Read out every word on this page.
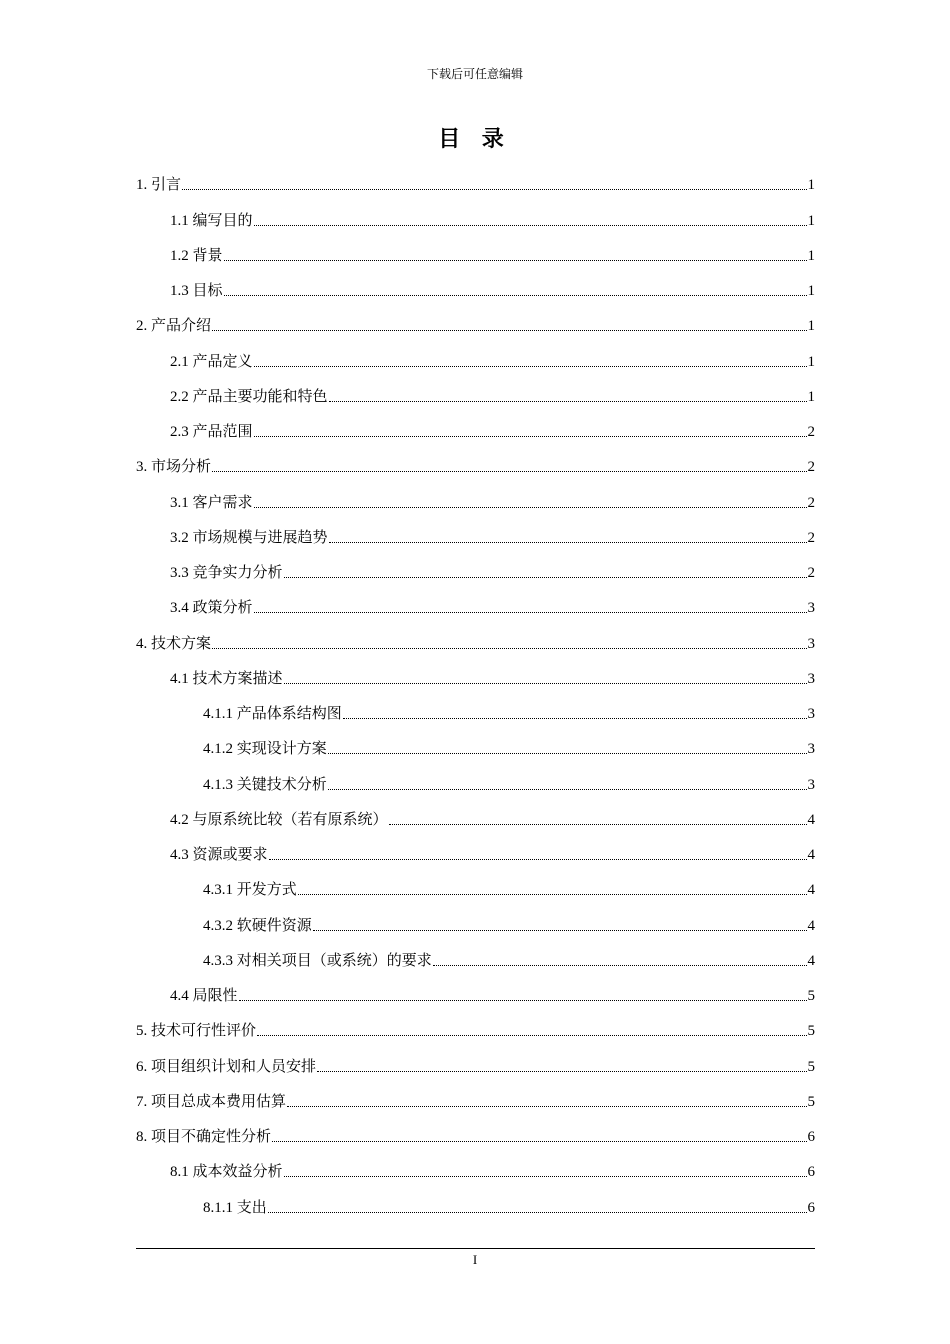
下载后可任意编辑
目 录
1. 引言	1
1.1 编写目的	1
1.2 背景	1
1.3 目标	1
2. 产品介绍	1
2.1 产品定义	1
2.2 产品主要功能和特色	1
2.3 产品范围	2
3. 市场分析	2
3.1 客户需求	2
3.2 市场规模与进展趋势	2
3.3 竞争实力分析	2
3.4 政策分析	3
4. 技术方案	3
4.1 技术方案描述	3
4.1.1 产品体系结构图	3
4.1.2 实现设计方案	3
4.1.3 关键技术分析	3
4.2 与原系统比较（若有原系统）	4
4.3 资源或要求	4
4.3.1 开发方式	4
4.3.2 软硬件资源	4
4.3.3 对相关项目（或系统）的要求	4
4.4 局限性	5
5. 技术可行性评价	5
6. 项目组织计划和人员安排	5
7. 项目总成本费用估算	5
8. 项目不确定性分析	6
8.1 成本效益分析	6
8.1.1 支出	6
I
